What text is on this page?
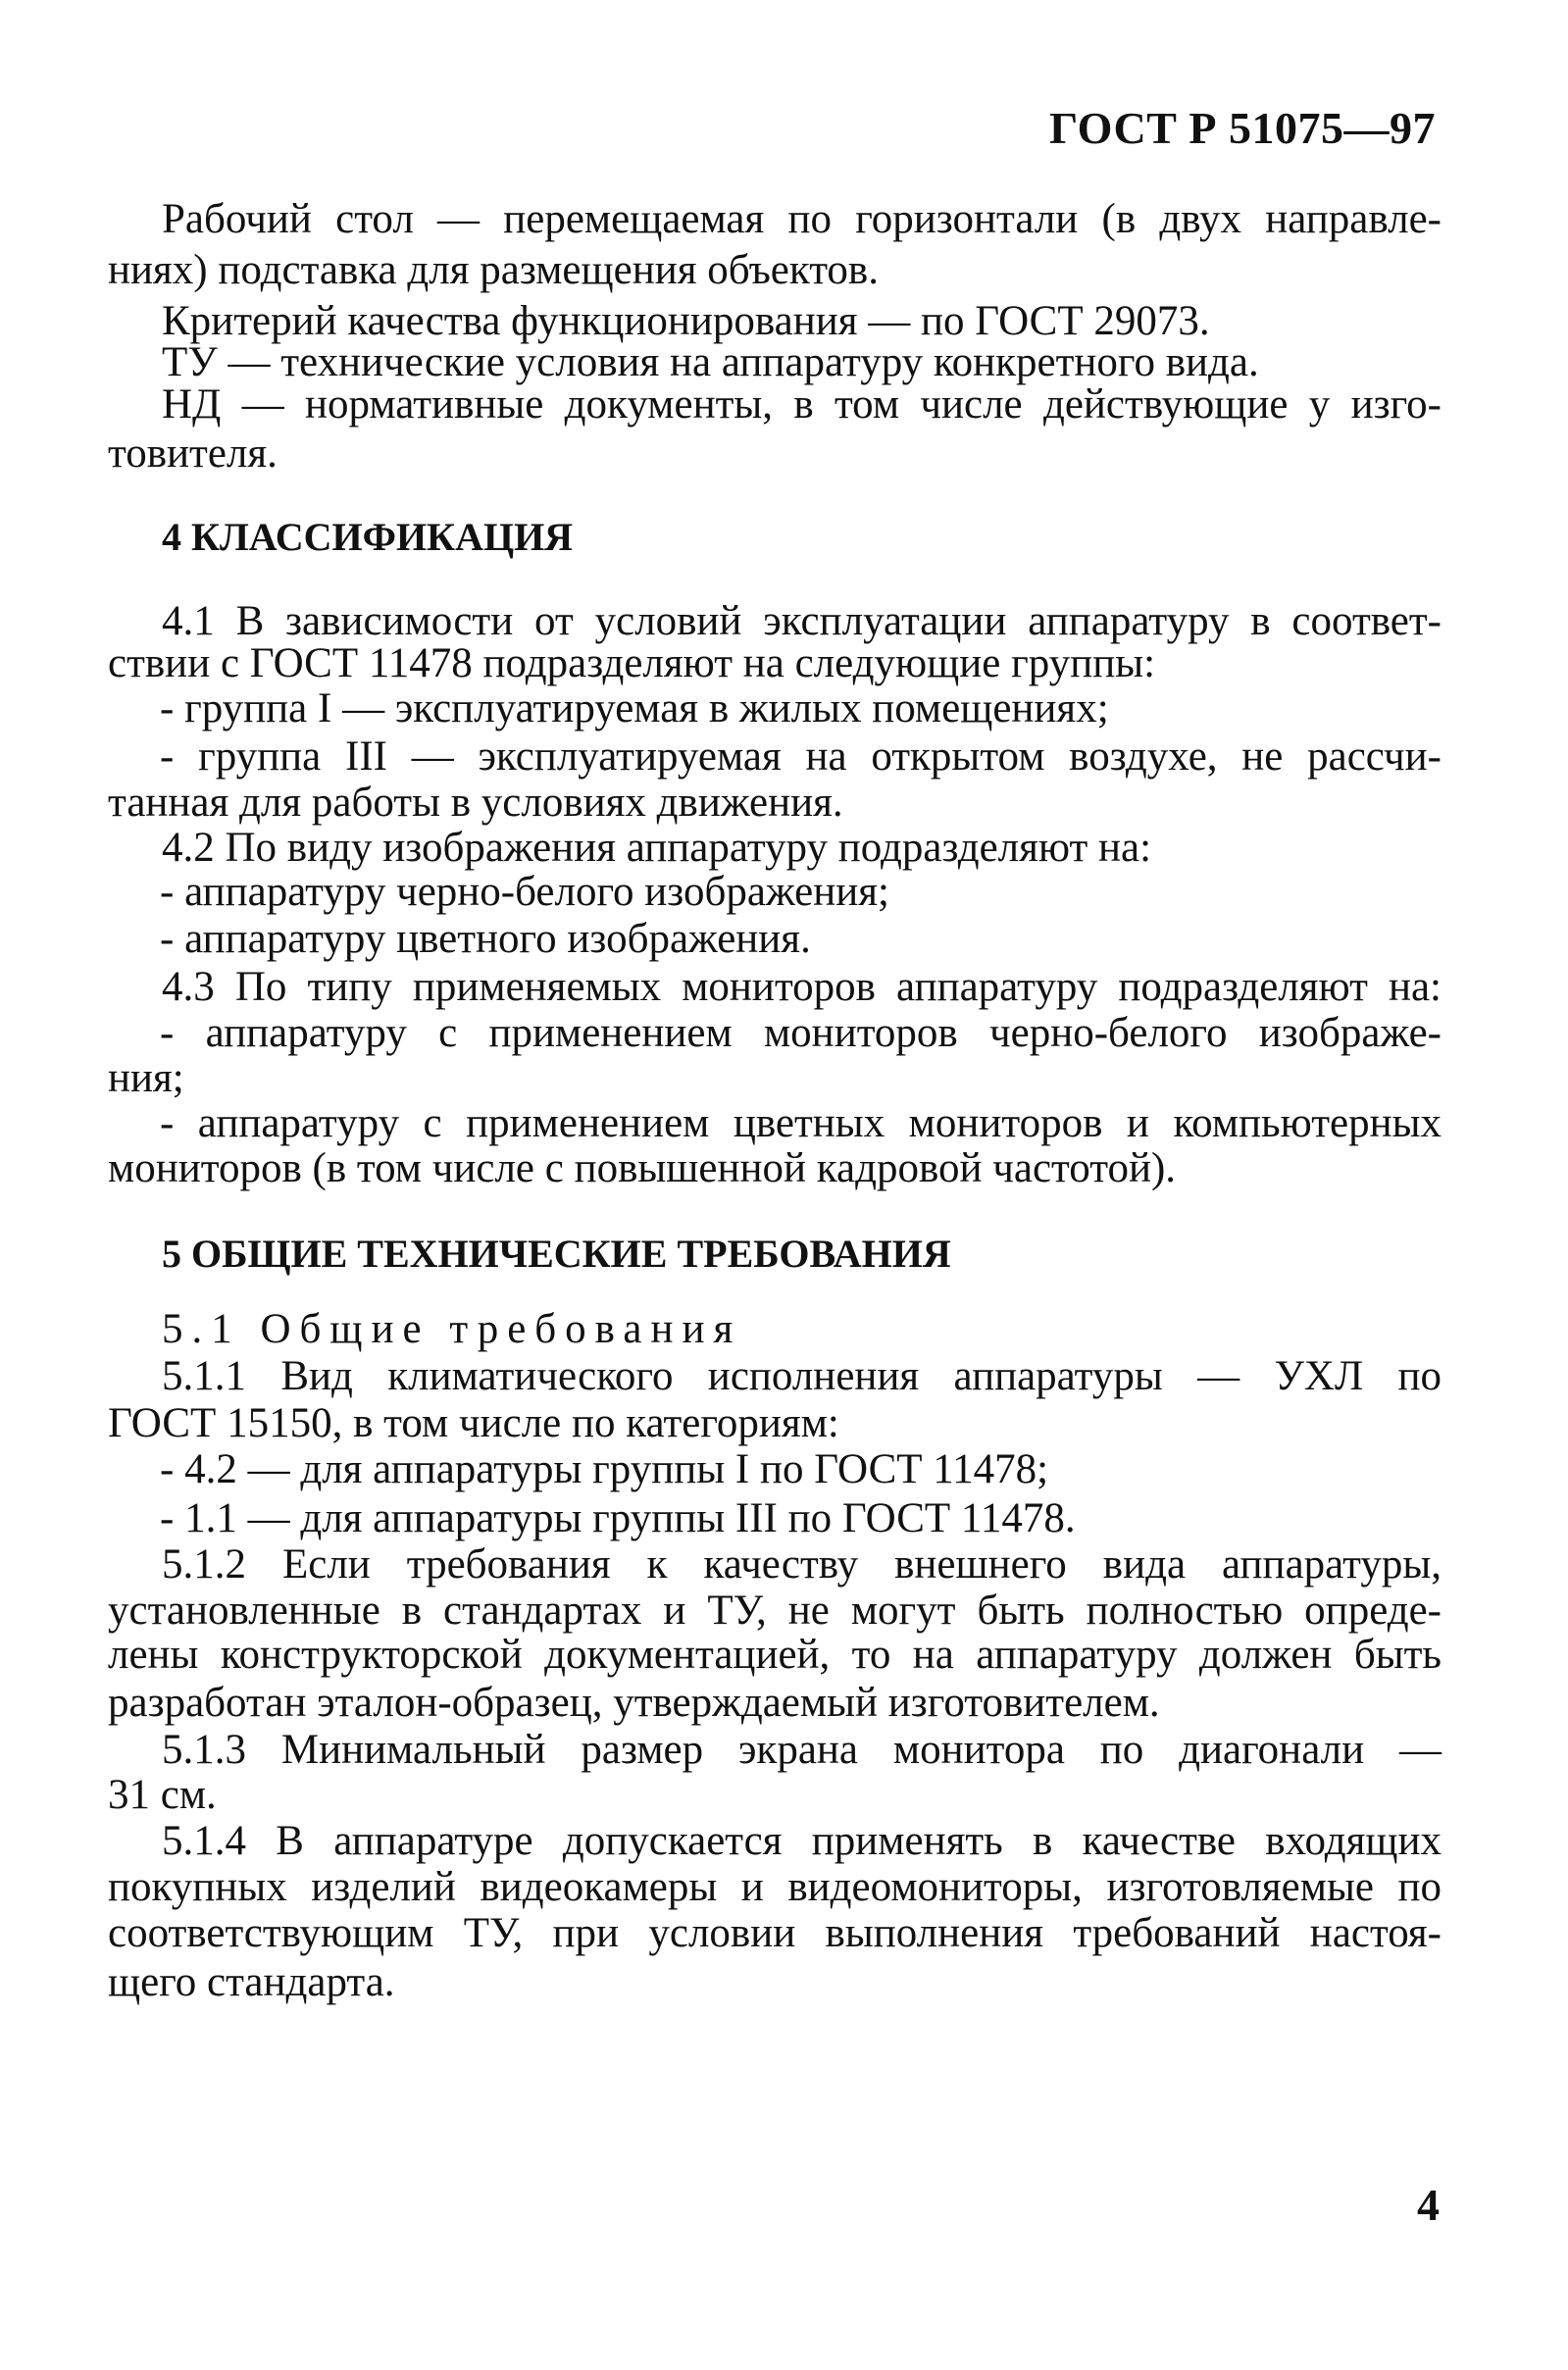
ГОСТ Р 51075—97
Рабочий стол — перемещаемая по горизонтали (в двух направле-
ниях) подставка для размещения объектов.
Критерий качества функционирования — по ГОСТ 29073.
ТУ — технические условия на аппаратуру конкретного вида.
НД — нормативные документы, в том числе действующие у изго-
товителя.
4 КЛАССИФИКАЦИЯ
4.1 В зависимости от условий эксплуатации аппаратуру в соответ-
ствии с ГОСТ 11478 подразделяют на следующие группы:
- группа I — эксплуатируемая в жилых помещениях;
- группа III — эксплуатируемая на открытом воздухе, не рассчи-
танная для работы в условиях движения.
4.2 По виду изображения аппаратуру подразделяют на:
- аппаратуру черно-белого изображения;
- аппаратуру цветного изображения.
4.3 По типу применяемых мониторов аппаратуру подразделяют на:
- аппаратуру с применением мониторов черно-белого изображе-
ния;
- аппаратуру с применением цветных мониторов и компьютерных
мониторов (в том числе с повышенной кадровой частотой).
5 ОБЩИЕ ТЕХНИЧЕСКИЕ ТРЕБОВАНИЯ
5.1 Общие требования
5.1.1 Вид климатического исполнения аппаратуры — УХЛ по
ГОСТ 15150, в том числе по категориям:
- 4.2 — для аппаратуры группы I по ГОСТ 11478;
- 1.1 — для аппаратуры группы III по ГОСТ 11478.
5.1.2 Если требования к качеству внешнего вида аппаратуры,
установленные в стандартах и ТУ, не могут быть полностью опреде-
лены конструкторской документацией, то на аппаратуру должен быть
разработан эталон-образец, утверждаемый изготовителем.
5.1.3 Минимальный размер экрана монитора по диагонали —
31 см.
5.1.4 В аппаратуре допускается применять в качестве входящих
покупных изделий видеокамеры и видеомониторы, изготовляемые по
соответствующим ТУ, при условии выполнения требований настоя-
щего стандарта.
4
